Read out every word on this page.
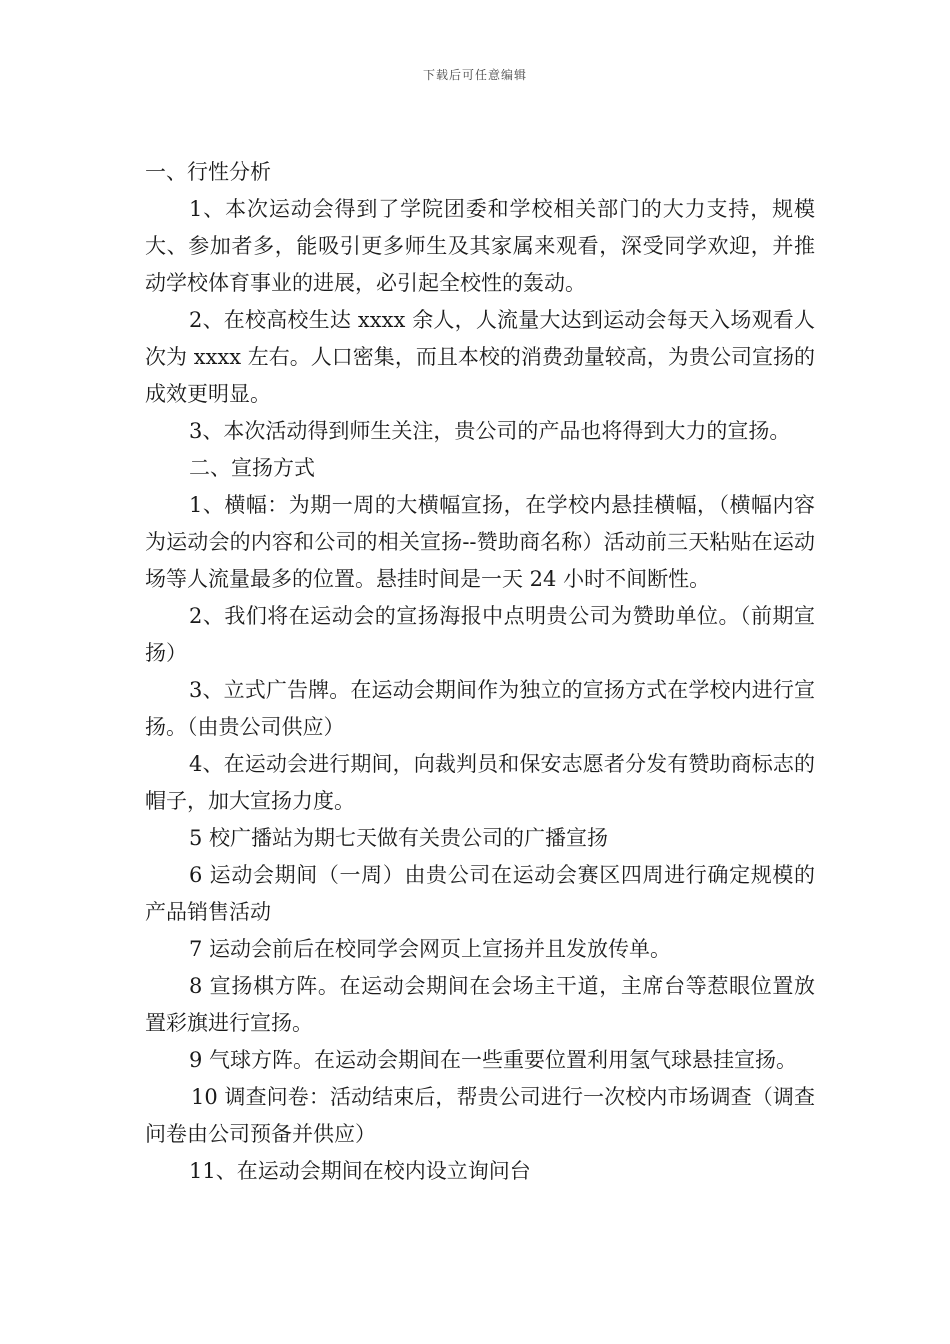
下载后可任意编辑

一、行性分析

1、本次运动会得到了学院团委和学校相关部门的大力支持，规模大、参加者多，能吸引更多师生及其家属来观看，深受同学欢迎，并推动学校体育事业的进展，必引起全校性的轰动。

2、在校高校生达 xxxx 余人，人流量大达到运动会每天入场观看人次为 xxxx 左右。人口密集，而且本校的消费劲量较高，为贵公司宣扬的成效更明显。

3、本次活动得到师生关注，贵公司的产品也将得到大力的宣扬。

二、宣扬方式

1、横幅：为期一周的大横幅宣扬，在学校内悬挂横幅，（横幅内容为运动会的内容和公司的相关宣扬--赞助商名称）活动前三天粘贴在运动场等人流量最多的位置。悬挂时间是一天 24 小时不间断性。

2、我们将在运动会的宣扬海报中点明贵公司为赞助单位。（前期宣扬）

3、立式广告牌。在运动会期间作为独立的宣扬方式在学校内进行宣扬。（由贵公司供应）

4、在运动会进行期间，向裁判员和保安志愿者分发有赞助商标志的帽子，加大宣扬力度。

5 校广播站为期七天做有关贵公司的广播宣扬

6 运动会期间（一周）由贵公司在运动会赛区四周进行确定规模的产品销售活动

7 运动会前后在校同学会网页上宣扬并且发放传单。

8 宣扬棋方阵。在运动会期间在会场主干道，主席台等惹眼位置放置彩旗进行宣扬。

9 气球方阵。在运动会期间在一些重要位置利用氢气球悬挂宣扬。

10 调查问卷：活动结束后，帮贵公司进行一次校内市场调查（调查问卷由公司预备并供应）

11、在运动会期间在校内设立询问台
